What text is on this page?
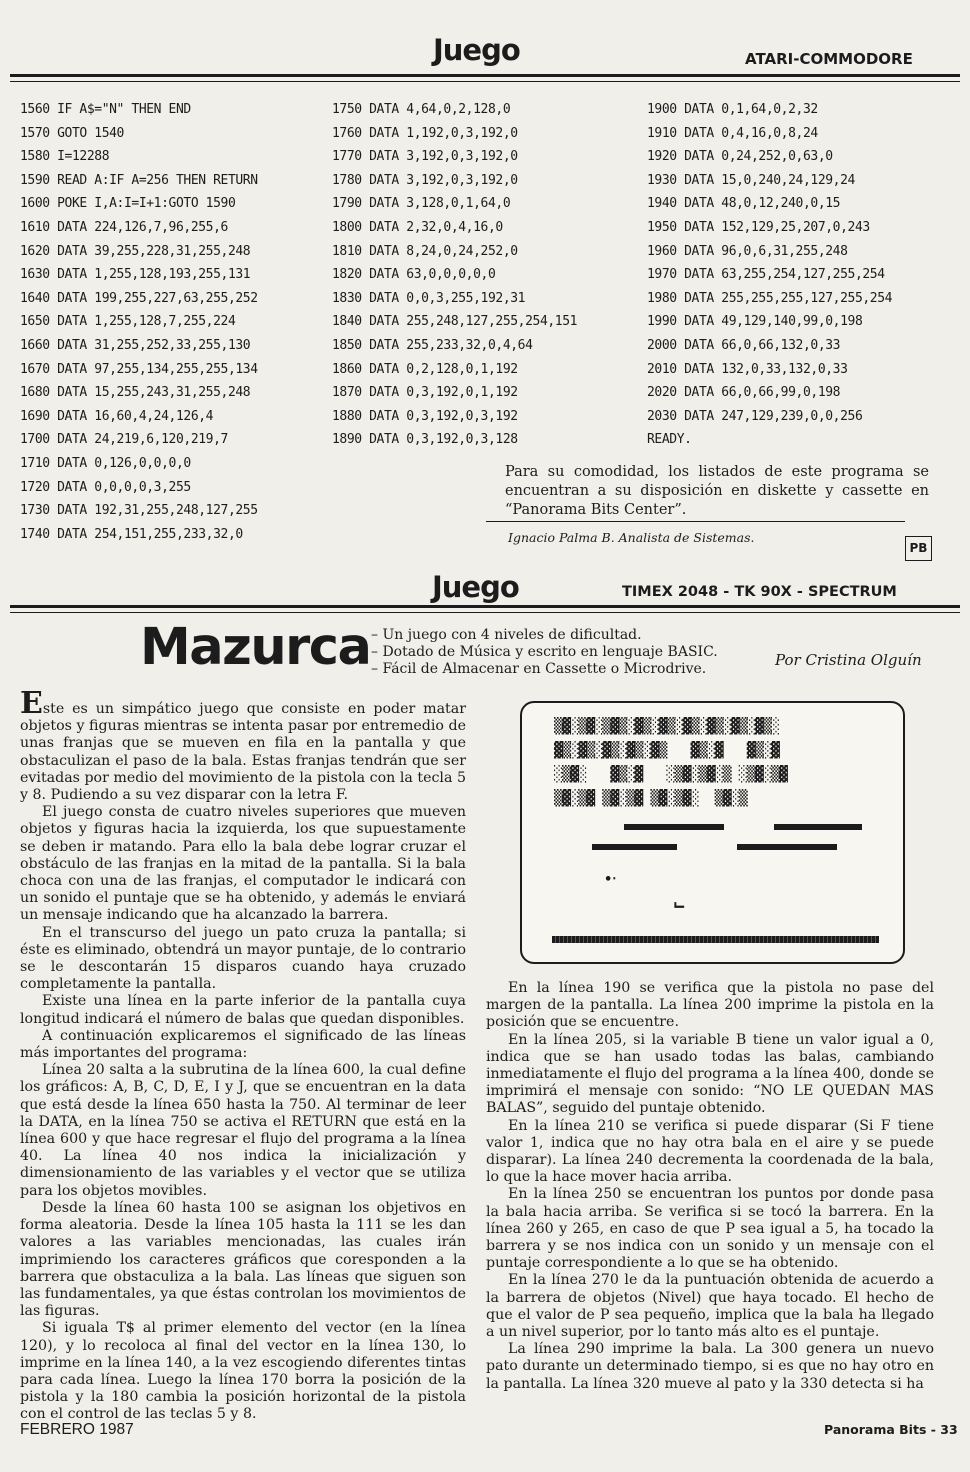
Juego	ATARI-COMMODORE
1560 IF A$="N" THEN END
1570 GOTO 1540
1580 I=12288
1590 READ A:IF A=256 THEN RETURN
1600 POKE I,A:I=I+1:GOTO 1590
1610 DATA 224,126,7,96,255,6
1620 DATA 39,255,228,31,255,248
1630 DATA 1,255,128,193,255,131
1640 DATA 199,255,227,63,255,252
1650 DATA 1,255,128,7,255,224
1660 DATA 31,255,252,33,255,130
1670 DATA 97,255,134,255,255,134
1680 DATA 15,255,243,31,255,248
1690 DATA 16,60,4,24,126,4
1700 DATA 24,219,6,120,219,7
1710 DATA 0,126,0,0,0,0
1720 DATA 0,0,0,0,3,255
1730 DATA 192,31,255,248,127,255
1740 DATA 254,151,255,233,32,0
1750 DATA 4,64,0,2,128,0
1760 DATA 1,192,0,3,192,0
1770 DATA 3,192,0,3,192,0
1780 DATA 3,192,0,3,192,0
1790 DATA 3,128,0,1,64,0
1800 DATA 2,32,0,4,16,0
1810 DATA 8,24,0,24,252,0
1820 DATA 63,0,0,0,0,0
1830 DATA 0,0,3,255,192,31
1840 DATA 255,248,127,255,254,151
1850 DATA 255,233,32,0,4,64
1860 DATA 0,2,128,0,1,192
1870 DATA 0,3,192,0,1,192
1880 DATA 0,3,192,0,3,192
1890 DATA 0,3,192,0,3,128
1900 DATA 0,1,64,0,2,32
1910 DATA 0,4,16,0,8,24
1920 DATA 0,24,252,0,63,0
1930 DATA 15,0,240,24,129,24
1940 DATA 48,0,12,240,0,15
1950 DATA 152,129,25,207,0,243
1960 DATA 96,0,6,31,255,248
1970 DATA 63,255,254,127,255,254
1980 DATA 255,255,255,127,255,254
1990 DATA 49,129,140,99,0,198
2000 DATA 66,0,66,132,0,33
2010 DATA 132,0,33,132,0,33
2020 DATA 66,0,66,99,0,198
2030 DATA 247,129,239,0,0,256
READY.
Para su comodidad, los listados de este programa se encuentran a su disposición en diskette y cassette en “Panorama Bits Center”.
Ignacio Palma B. Analista de Sistemas.
PB
Juego	TIMEX 2048 - TK 90X - SPECTRUM
Mazurca – Un juego con 4 niveles de dificultad.
– Dotado de Música y escrito en lenguaje BASIC.
– Fácil de Almacenar en Cassette o Microdrive.	Por Cristina Olguín

Este es un simpático juego que consiste en poder matar objetos y figuras mientras se intenta pasar por entremedio de unas franjas que se mueven en fila en la pantalla y que obstaculizan el paso de la bala. Estas franjas tendrán que ser evitadas por medio del movimiento de la pistola con la tecla 5 y 8. Pudiendo a su vez disparar con la letra F.

El juego consta de cuatro niveles superiores que mueven objetos y figuras hacia la izquierda, los que supuestamente se deben ir matando. Para ello la bala debe lograr cruzar el obstáculo de las franjas en la mitad de la pantalla. Si la bala choca con una de las franjas, el computador le indicará con un sonido el puntaje que se ha obtenido, y además le enviará un mensaje indicando que ha alcanzado la barrera.

En el transcurso del juego un pato cruza la pantalla; si éste es eliminado, obtendrá un mayor puntaje, de lo contrario se le descontarán 15 disparos cuando haya cruzado completamente la pantalla.

Existe una línea en la parte inferior de la pantalla cuya longitud indicará el número de balas que quedan disponibles.

A continuación explicaremos el significado de las líneas más importantes del programa:

Línea 20 salta a la subrutina de la línea 600, la cual define los gráficos: A, B, C, D, E, I y J, que se encuentran en la data que está desde la línea 650 hasta la 750. Al terminar de leer la DATA, en la línea 750 se activa el RETURN que está en la línea 600 y que hace regresar el flujo del programa a la línea 40. La línea 40 nos indica la inicialización y dimensionamiento de las variables y el vector que se utiliza para los objetos movibles.

Desde la línea 60 hasta 100 se asignan los objetivos en forma aleatoria. Desde la línea 105 hasta la 111 se les dan valores a las variables mencionadas, las cuales irán imprimiendo los caracteres gráficos que coresponden a la barrera que obstaculiza a la bala. Las líneas que siguen son las fundamentales, ya que éstas controlan los movimientos de las figuras.

Si iguala T$ al primer elemento del vector (en la línea 120), y lo recoloca al final del vector en la línea 130, lo imprime en la línea 140, a la vez escogiendo diferentes tintas para cada línea. Luego la línea 170 borra la posición de la pistola y la 180 cambia la posición horizontal de la pistola con el control de las teclas 5 y 8.

▒▓░▒▓░▒▓▒░▓▒░▓▒░▓▒░▓▒░▓▒░▓▒░
▓▒░▓▒░▓▒░▓▒░▓▒   ▓▒░▓   ▓▒░▓
░▒▓░   ▓▒░▓   ░▒▓░▒▓░▒ ░▒▓░▒▓
▒▓░▒▓ ▒▓░▒▓ ▒▓░▒▓░  ▒▓░▒
•‧
⨽

En la línea 190 se verifica que la pistola no pase del margen de la pantalla. La línea 200 imprime la pistola en la posición que se encuentre.

En la línea 205, si la variable B tiene un valor igual a 0, indica que se han usado todas las balas, cambiando inmediatamente el flujo del programa a la línea 400, donde se imprimirá el mensaje con sonido: “NO LE QUEDAN MAS BALAS”, seguido del puntaje obtenido.

En la línea 210 se verifica si puede disparar (Si F tiene valor 1, indica que no hay otra bala en el aire y se puede disparar). La línea 240 decrementa la coordenada de la bala, lo que la hace mover hacia arriba.

En la línea 250 se encuentran los puntos por donde pasa la bala hacia arriba. Se verifica si se tocó la barrera. En la línea 260 y 265, en caso de que P sea igual a 5, ha tocado la barrera y se nos indica con un sonido y un mensaje con el puntaje correspondiente a lo que se ha obtenido.

En la línea 270 le da la puntuación obtenida de acuerdo a la barrera de objetos (Nivel) que haya tocado. El hecho de que el valor de P sea pequeño, implica que la bala ha llegado a un nivel superior, por lo tanto más alto es el puntaje.

La línea 290 imprime la bala. La 300 genera un nuevo pato durante un determinado tiempo, si es que no hay otro en la pantalla. La línea 320 mueve al pato y la 330 detecta si ha

FEBRERO 1987	Panorama Bits - 33
